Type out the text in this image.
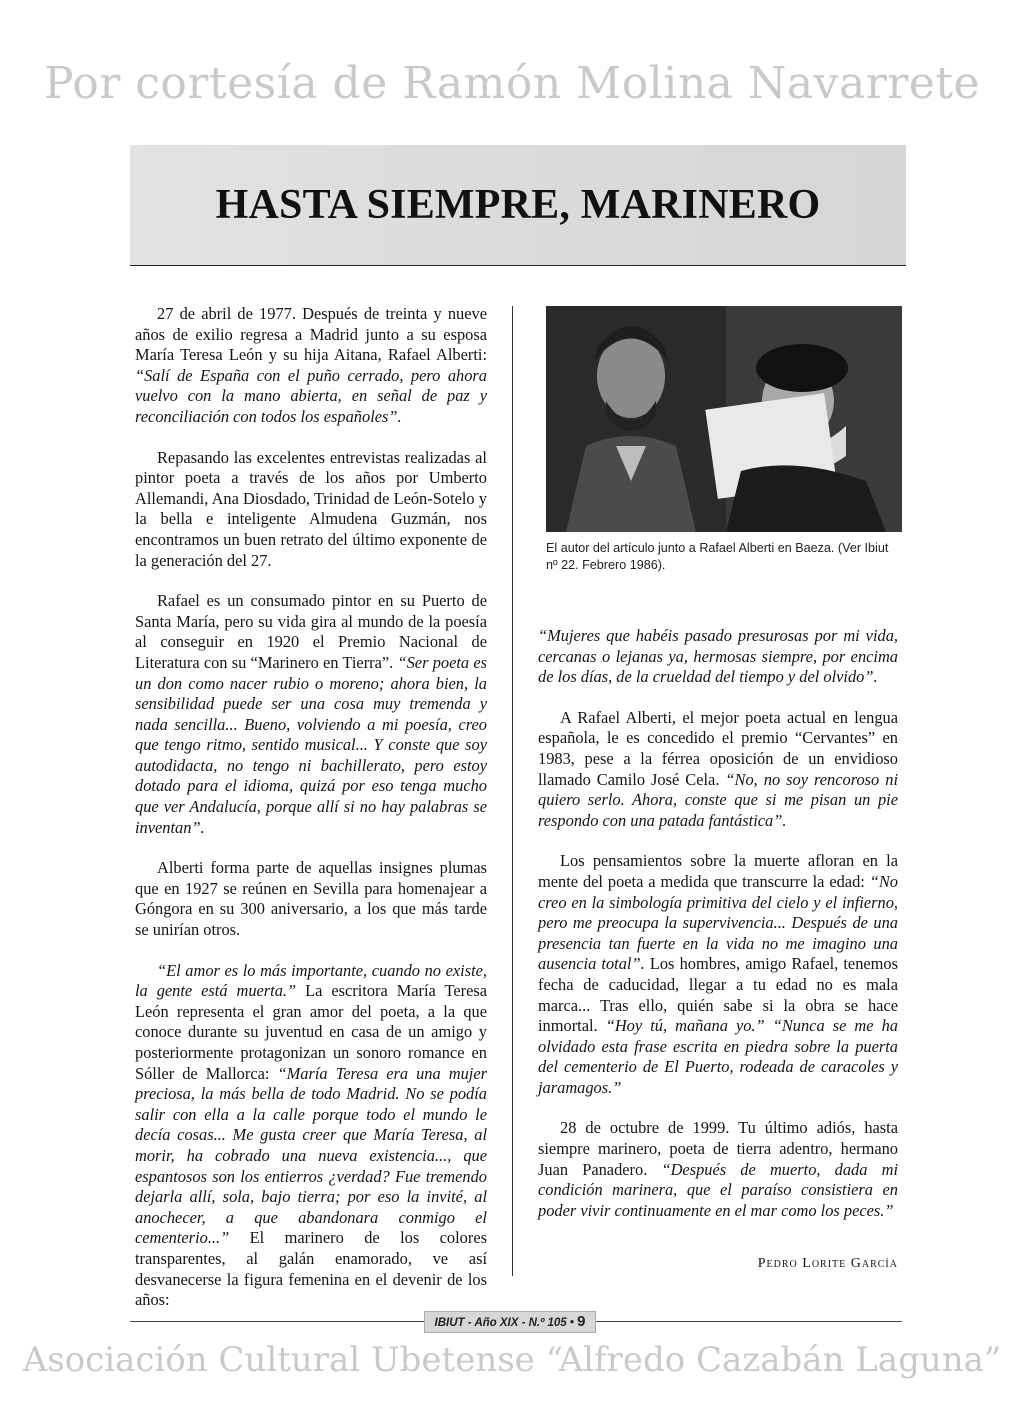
Por cortesía de Ramón Molina Navarrete
HASTA SIEMPRE, MARINERO

27 de abril de 1977. Después de treinta y nueve años de exilio regresa a Madrid junto a su esposa María Teresa León y su hija Aitana, Rafael Alberti: “Salí de España con el puño cerrado, pero ahora vuelvo con la mano abierta, en señal de paz y reconciliación con todos los españoles”.

Repasando las excelentes entrevistas realizadas al pintor poeta a través de los años por Umberto Allemandi, Ana Diosdado, Trinidad de León-Sotelo y la bella e inteligente Almudena Guzmán, nos encontramos un buen retrato del último exponente de la generación del 27.

Rafael es un consumado pintor en su Puerto de Santa María, pero su vida gira al mundo de la poesía al conseguir en 1920 el Premio Nacional de Literatura con su “Marinero en Tierra”. “Ser poeta es un don como nacer rubio o moreno; ahora bien, la sensibilidad puede ser una cosa muy tremenda y nada sencilla... Bueno, volviendo a mi poesía, creo que tengo ritmo, sentido musical... Y conste que soy autodidacta, no tengo ni bachillerato, pero estoy dotado para el idioma, quizá por eso tenga mucho que ver Andalucía, porque allí si no hay palabras se inventan”.

Alberti forma parte de aquellas insignes plumas que en 1927 se reúnen en Sevilla para homenajear a Góngora en su 300 aniversario, a los que más tarde se unirían otros.

“El amor es lo más importante, cuando no existe, la gente está muerta.” La escritora María Teresa León representa el gran amor del poeta, a la que conoce durante su juventud en casa de un amigo y posteriormente protagonizan un sonoro romance en Sóller de Mallorca: “María Teresa era una mujer preciosa, la más bella de todo Madrid. No se podía salir con ella a la calle porque todo el mundo le decía cosas... Me gusta creer que María Teresa, al morir, ha cobrado una nueva existencia..., que espantosos son los entierros ¿verdad? Fue tremendo dejarla allí, sola, bajo tierra; por eso la invité, al anochecer, a que abandonara conmigo el cementerio...” El marinero de los colores transparentes, al galán enamorado, ve así desvanecerse la figura femenina en el devenir de los años:

El autor del artículo junto a Rafael Alberti en Baeza. (Ver Ibiut nº 22. Febrero 1986).

“Mujeres que habéis pasado presurosas por mi vida, cercanas o lejanas ya, hermosas siempre, por encima de los días, de la crueldad del tiempo y del olvido”.

A Rafael Alberti, el mejor poeta actual en lengua española, le es concedido el premio “Cervantes” en 1983, pese a la férrea oposición de un envidioso llamado Camilo José Cela. “No, no soy rencoroso ni quiero serlo. Ahora, conste que si me pisan un pie respondo con una patada fantástica”.

Los pensamientos sobre la muerte afloran en la mente del poeta a medida que transcurre la edad: “No creo en la simbología primitiva del cielo y el infierno, pero me preocupa la supervivencia... Después de una presencia tan fuerte en la vida no me imagino una ausencia total”. Los hombres, amigo Rafael, tenemos fecha de caducidad, llegar a tu edad no es mala marca... Tras ello, quién sabe si la obra se hace inmortal. “Hoy tú, mañana yo.” “Nunca se me ha olvidado esta frase escrita en piedra sobre la puerta del cementerio de El Puerto, rodeada de caracoles y jaramagos.”

28 de octubre de 1999. Tu último adiós, hasta siempre marinero, poeta de tierra adentro, hermano Juan Panadero. “Después de muerto, dada mi condición marinera, que el paraíso consistiera en poder vivir continuamente en el mar como los peces.”

Pedro Lorite García
IBIUT - Año XIX - N.º 105 • 9
Asociación Cultural Ubetense “Alfredo Cazabán Laguna”
